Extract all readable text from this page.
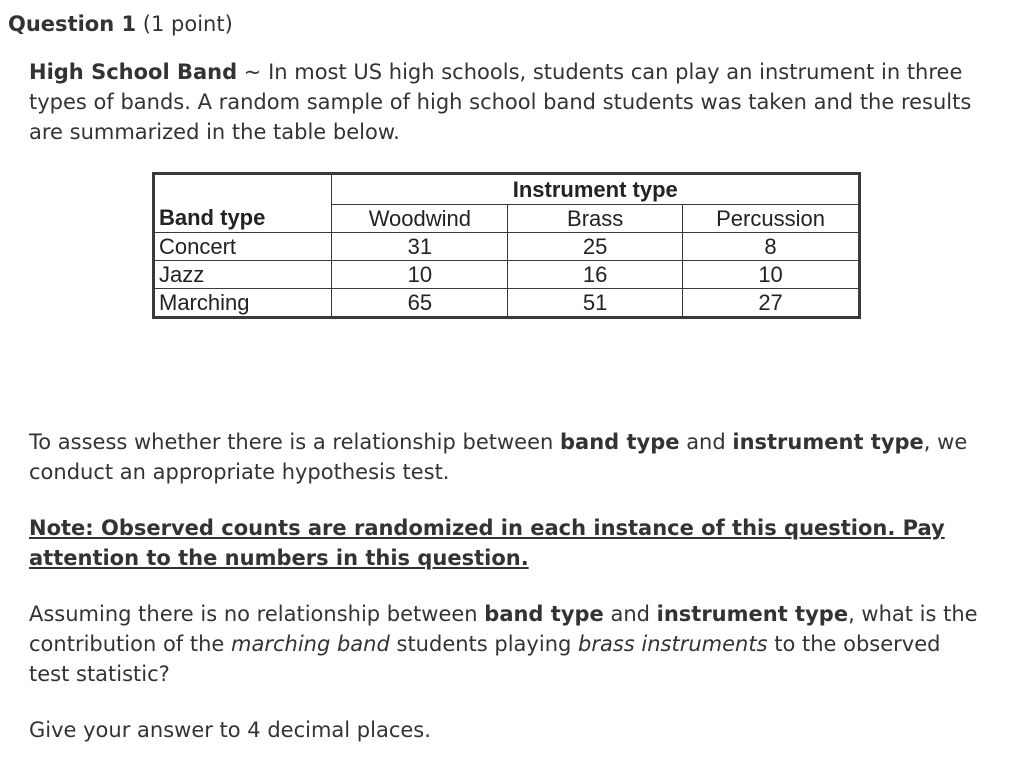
Question 1 (1 point)

High School Band ~ In most US high schools, students can play an instrument in three types of bands. A random sample of high school band students was taken and the results are summarized in the table below.

Band type	Instrument type		
	Woodwind	Brass	Percussion
Concert	31	25	8
Jazz	10	16	10
Marching	65	51	27

To assess whether there is a relationship between band type and instrument type, we conduct an appropriate hypothesis test.

Note: Observed counts are randomized in each instance of this question. Pay attention to the numbers in this question.

Assuming there is no relationship between band type and instrument type, what is the contribution of the marching band students playing brass instruments to the observed test statistic?

Give your answer to 4 decimal places.
